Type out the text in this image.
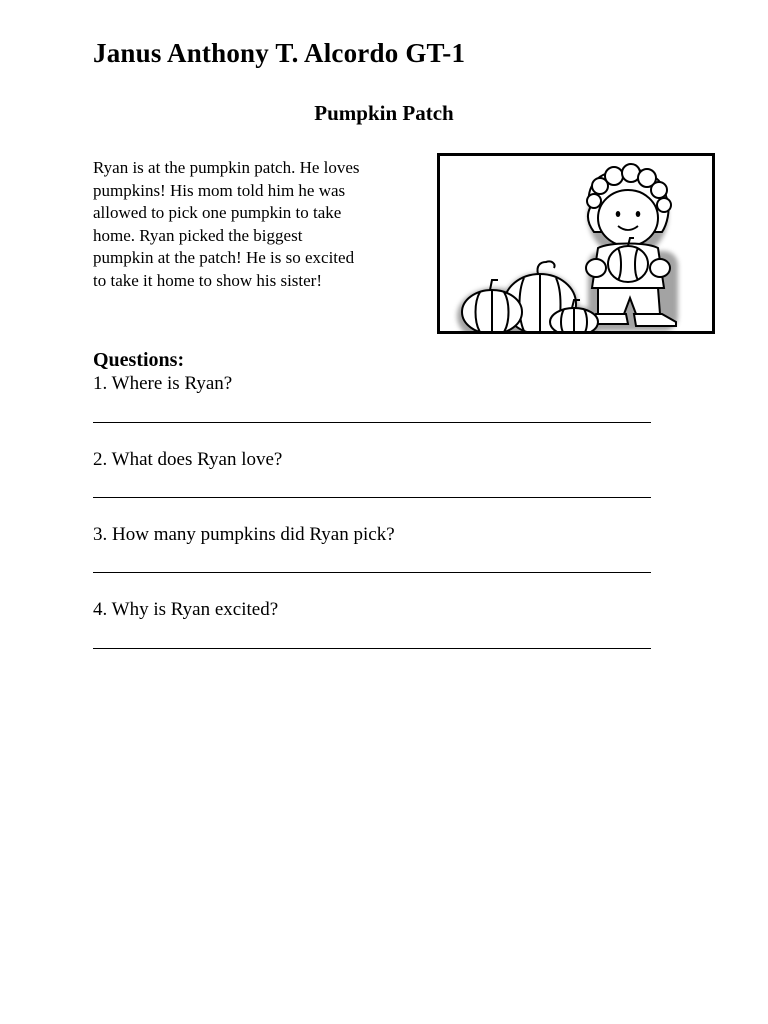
Janus Anthony T. Alcordo GT-1
Pumpkin Patch
Ryan is at the pumpkin patch. He loves
pumpkins! His mom told him he was
allowed to pick one pumpkin to take
home. Ryan picked the biggest
pumpkin at the patch! He is so excited
to take it home to show his sister!
Questions:
1. Where is Ryan?
2. What does Ryan love?
3. How many pumpkins did Ryan pick?
4. Why is Ryan excited?
